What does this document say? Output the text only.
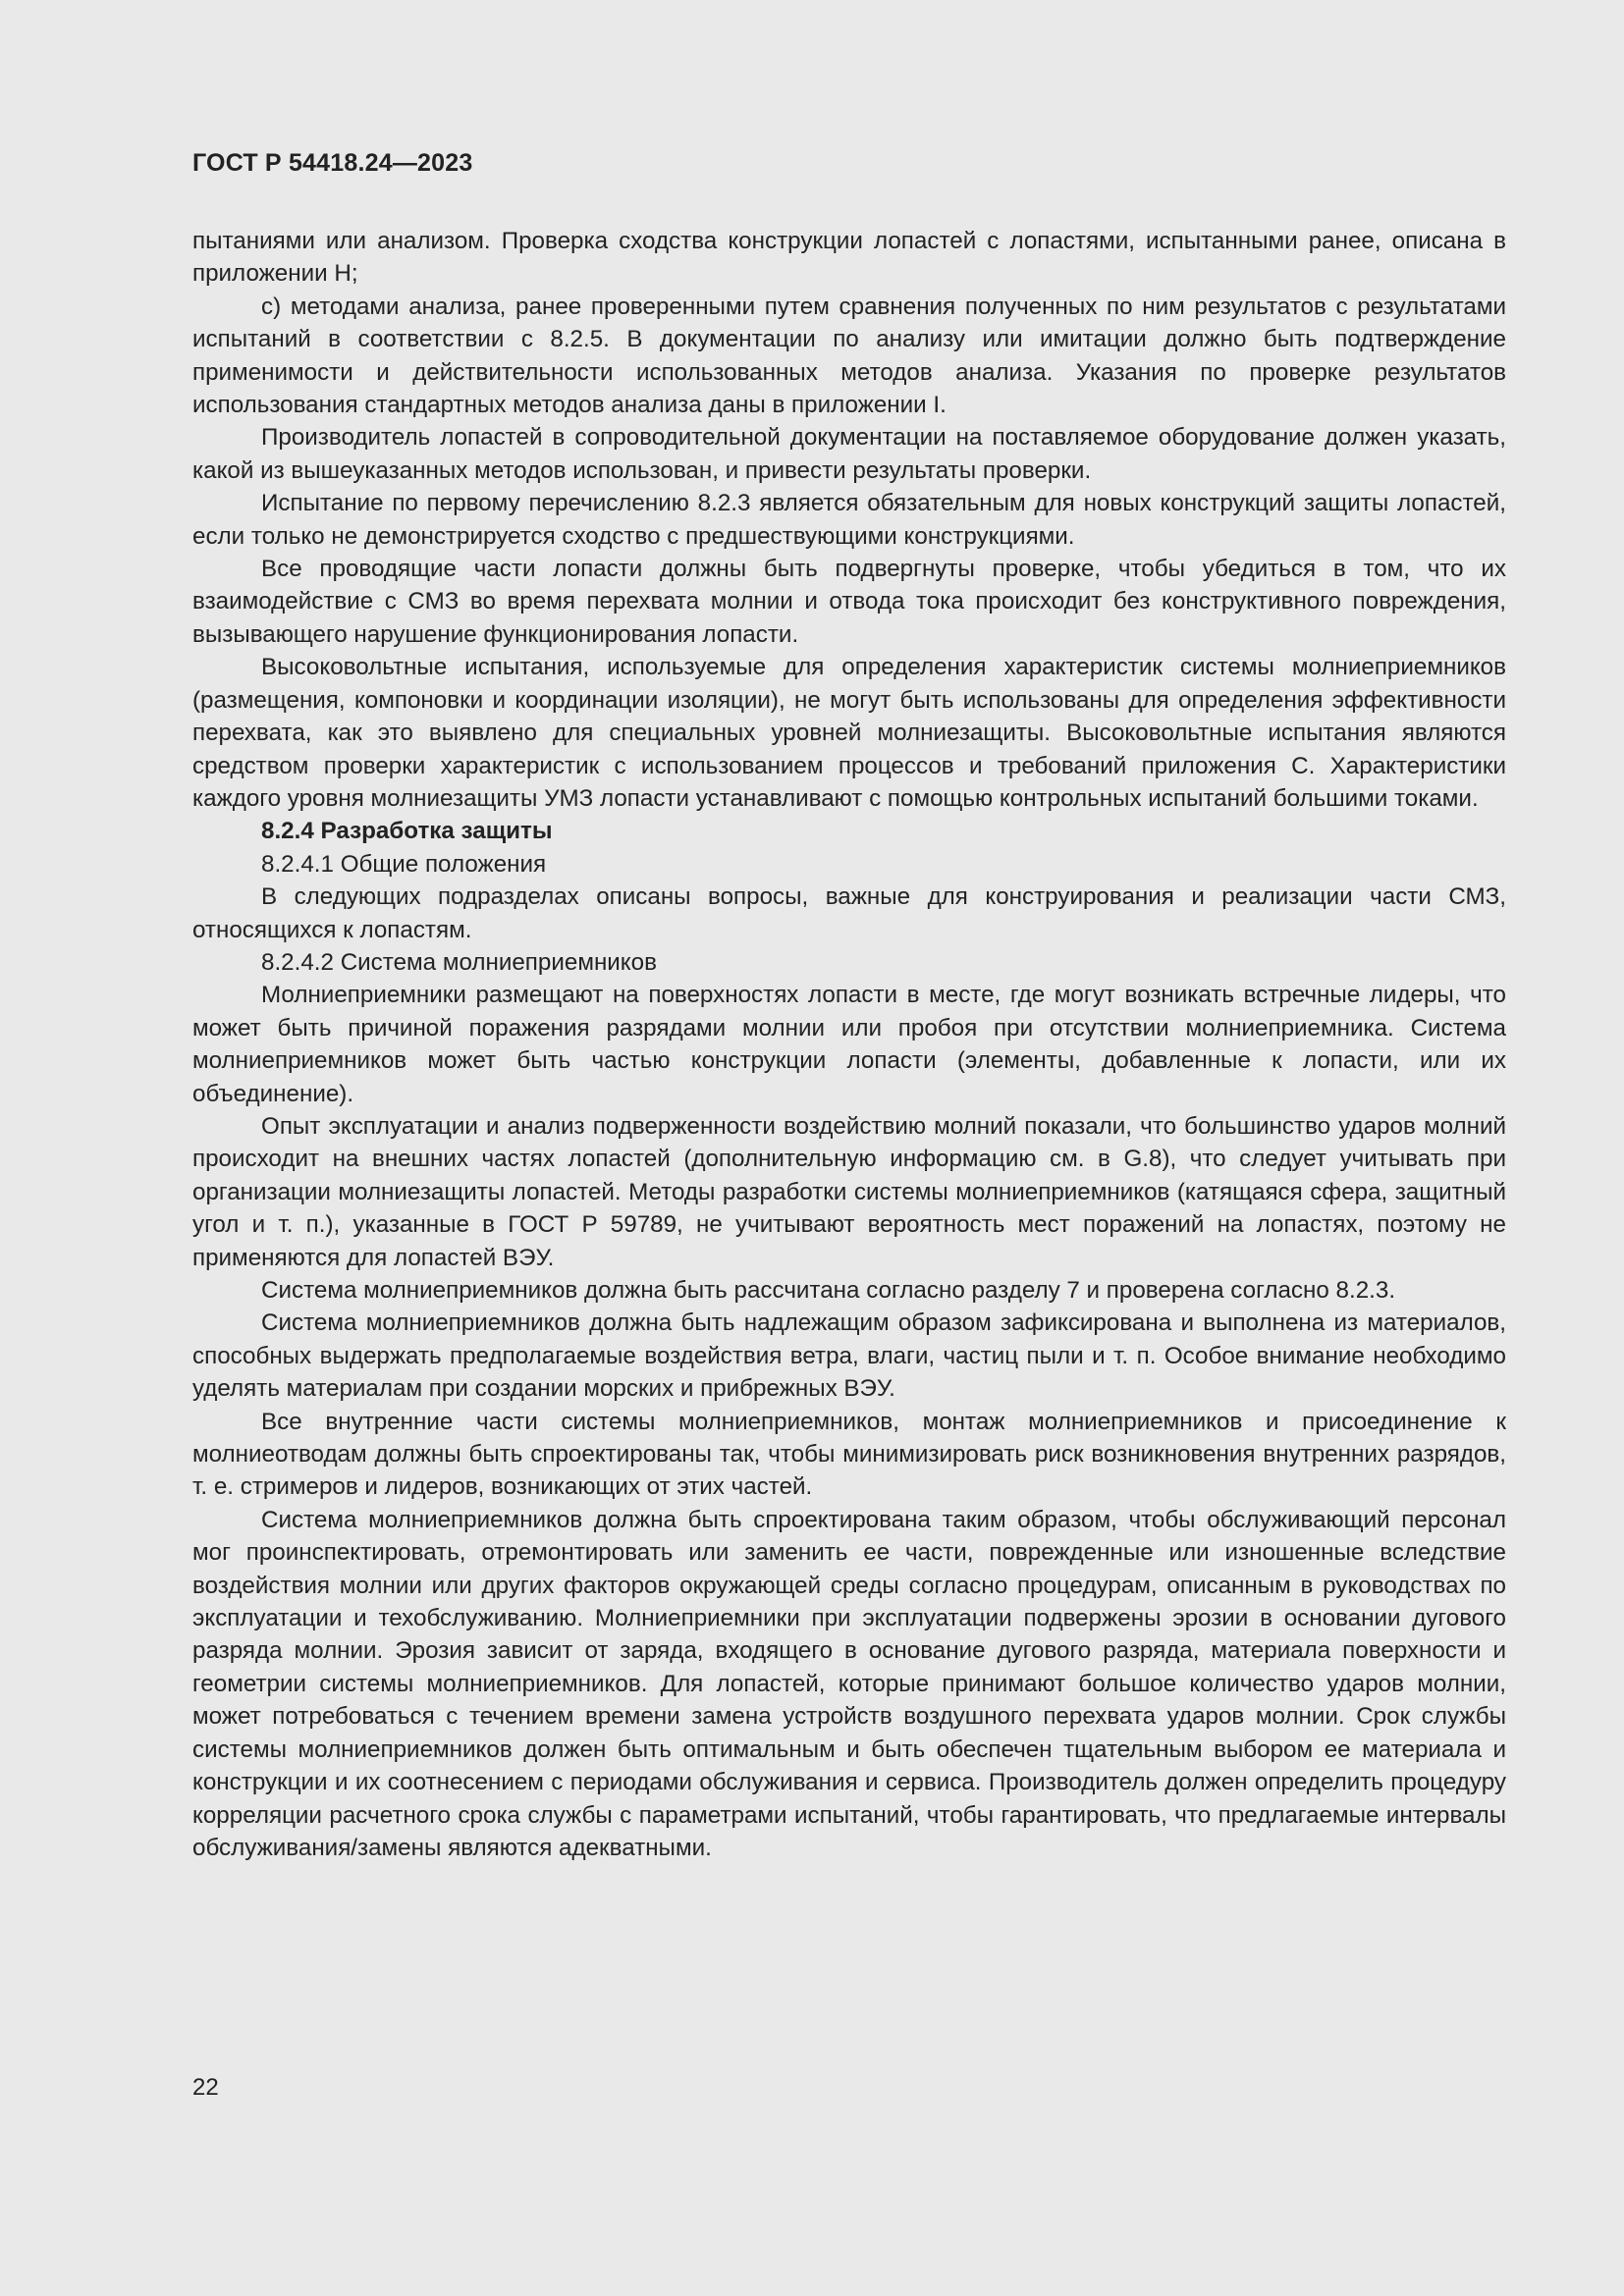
ГОСТ Р 54418.24—2023

пытаниями или анализом. Проверка сходства конструкции лопастей с лопастями, испытанными ранее, описана в приложении H;

c) методами анализа, ранее проверенными путем сравнения полученных по ним результатов с результатами испытаний в соответствии с 8.2.5. В документации по анализу или имитации должно быть подтверждение применимости и действительности использованных методов анализа. Указания по проверке результатов использования стандартных методов анализа даны в приложении I.

Производитель лопастей в сопроводительной документации на поставляемое оборудование должен указать, какой из вышеуказанных методов использован, и привести результаты проверки.

Испытание по первому перечислению 8.2.3 является обязательным для новых конструкций защиты лопастей, если только не демонстрируется сходство с предшествующими конструкциями.

Все проводящие части лопасти должны быть подвергнуты проверке, чтобы убедиться в том, что их взаимодействие с СМЗ во время перехвата молнии и отвода тока происходит без конструктивного повреждения, вызывающего нарушение функционирования лопасти.

Высоковольтные испытания, используемые для определения характеристик системы молниеприемников (размещения, компоновки и координации изоляции), не могут быть использованы для определения эффективности перехвата, как это выявлено для специальных уровней молниезащиты. Высоковольтные испытания являются средством проверки характеристик с использованием процессов и требований приложения C. Характеристики каждого уровня молниезащиты УМЗ лопасти устанавливают с помощью контрольных испытаний большими токами.

8.2.4 Разработка защиты

8.2.4.1 Общие положения

В следующих подразделах описаны вопросы, важные для конструирования и реализации части СМЗ, относящихся к лопастям.

8.2.4.2 Система молниеприемников

Молниеприемники размещают на поверхностях лопасти в месте, где могут возникать встречные лидеры, что может быть причиной поражения разрядами молнии или пробоя при отсутствии молниеприемника. Система молниеприемников может быть частью конструкции лопасти (элементы, добавленные к лопасти, или их объединение).

Опыт эксплуатации и анализ подверженности воздействию молний показали, что большинство ударов молний происходит на внешних частях лопастей (дополнительную информацию см. в G.8), что следует учитывать при организации молниезащиты лопастей. Методы разработки системы молниеприемников (катящаяся сфера, защитный угол и т. п.), указанные в ГОСТ Р 59789, не учитывают вероятность мест поражений на лопастях, поэтому не применяются для лопастей ВЭУ.

Система молниеприемников должна быть рассчитана согласно разделу 7 и проверена согласно 8.2.3.

Система молниеприемников должна быть надлежащим образом зафиксирована и выполнена из материалов, способных выдержать предполагаемые воздействия ветра, влаги, частиц пыли и т. п. Особое внимание необходимо уделять материалам при создании морских и прибрежных ВЭУ.

Все внутренние части системы молниеприемников, монтаж молниеприемников и присоединение к молниеотводам должны быть спроектированы так, чтобы минимизировать риск возникновения внутренних разрядов, т. е. стримеров и лидеров, возникающих от этих частей.

Система молниеприемников должна быть спроектирована таким образом, чтобы обслуживающий персонал мог проинспектировать, отремонтировать или заменить ее части, поврежденные или изношенные вследствие воздействия молнии или других факторов окружающей среды согласно процедурам, описанным в руководствах по эксплуатации и техобслуживанию. Молниеприемники при эксплуатации подвержены эрозии в основании дугового разряда молнии. Эрозия зависит от заряда, входящего в основание дугового разряда, материала поверхности и геометрии системы молниеприемников. Для лопастей, которые принимают большое количество ударов молнии, может потребоваться с течением времени замена устройств воздушного перехвата ударов молнии. Срок службы системы молниеприемников должен быть оптимальным и быть обеспечен тщательным выбором ее материала и конструкции и их соотнесением с периодами обслуживания и сервиса. Производитель должен определить процедуру корреляции расчетного срока службы с параметрами испытаний, чтобы гарантировать, что предлагаемые интервалы обслуживания/замены являются адекватными.

22
